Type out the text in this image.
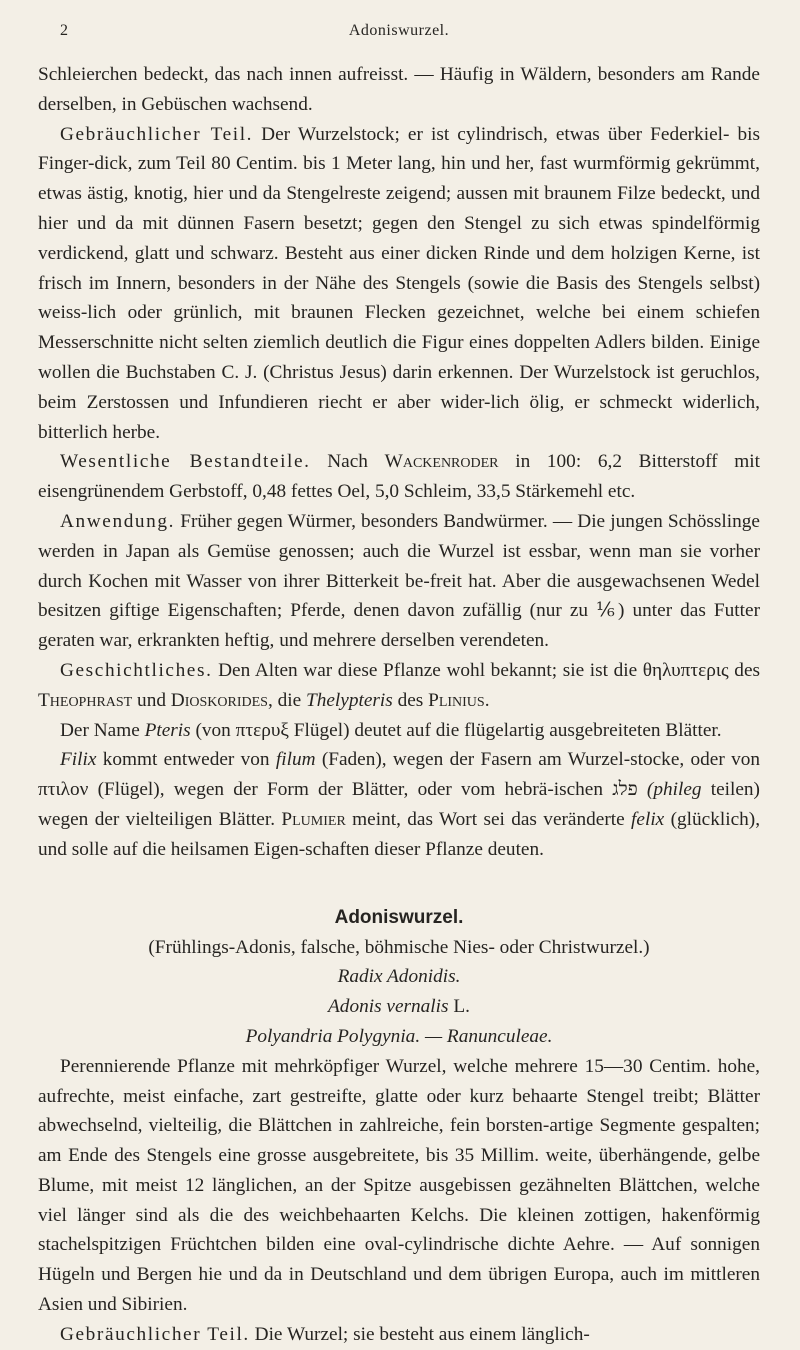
2	Adoniswurzel.

Schleierchen bedeckt, das nach innen aufreisst. — Häufig in Wäldern, besonders am Rande derselben, in Gebüschen wachsend.

Gebräuchlicher Teil. Der Wurzelstock; er ist cylindrisch, etwas über Federkiel- bis Finger-dick, zum Teil 80 Centim. bis 1 Meter lang, hin und her, fast wurmförmig gekrümmt, etwas ästig, knotig, hier und da Stengelreste zeigend; aussen mit braunem Filze bedeckt, und hier und da mit dünnen Fasern besetzt; gegen den Stengel zu sich etwas spindelförmig verdickend, glatt und schwarz. Besteht aus einer dicken Rinde und dem holzigen Kerne, ist frisch im Innern, besonders in der Nähe des Stengels (sowie die Basis des Stengels selbst) weiss-lich oder grünlich, mit braunen Flecken gezeichnet, welche bei einem schiefen Messerschnitte nicht selten ziemlich deutlich die Figur eines doppelten Adlers bilden. Einige wollen die Buchstaben C. J. (Christus Jesus) darin erkennen. Der Wurzelstock ist geruchlos, beim Zerstossen und Infundieren riecht er aber wider-lich ölig, er schmeckt widerlich, bitterlich herbe.

Wesentliche Bestandteile. Nach Wackenroder in 100: 6,2 Bitterstoff mit eisengrünendem Gerbstoff, 0,48 fettes Oel, 5,0 Schleim, 33,5 Stärkemehl etc.

Anwendung. Früher gegen Würmer, besonders Bandwürmer. — Die jungen Schösslinge werden in Japan als Gemüse genossen; auch die Wurzel ist essbar, wenn man sie vorher durch Kochen mit Wasser von ihrer Bitterkeit be-freit hat. Aber die ausgewachsenen Wedel besitzen giftige Eigenschaften; Pferde, denen davon zufällig (nur zu ⅙) unter das Futter geraten war, erkrankten heftig, und mehrere derselben verendeten.

Geschichtliches. Den Alten war diese Pflanze wohl bekannt; sie ist die θηλυπτερις des Theophrast und Dioskorides, die Thelypteris des Plinius.

Der Name Pteris (von πτερυξ Flügel) deutet auf die flügelartig ausgebreiteten Blätter.

Filix kommt entweder von filum (Faden), wegen der Fasern am Wurzel-stocke, oder von πτιλον (Flügel), wegen der Form der Blätter, oder vom hebrä-ischen פלג (phileg teilen) wegen der vielteiligen Blätter. Plumier meint, das Wort sei das veränderte felix (glücklich), und solle auf die heilsamen Eigen-schaften dieser Pflanze deuten.

Adoniswurzel.

(Frühlings-Adonis, falsche, böhmische Nies- oder Christwurzel.)

Radix Adonidis.

Adonis vernalis L.

Polyandria Polygynia. — Ranunculeae.

Perennierende Pflanze mit mehrköpfiger Wurzel, welche mehrere 15—30 Centim. hohe, aufrechte, meist einfache, zart gestreifte, glatte oder kurz behaarte Stengel treibt; Blätter abwechselnd, vielteilig, die Blättchen in zahlreiche, fein borsten-artige Segmente gespalten; am Ende des Stengels eine grosse ausgebreitete, bis 35 Millim. weite, überhängende, gelbe Blume, mit meist 12 länglichen, an der Spitze ausgebissen gezähnelten Blättchen, welche viel länger sind als die des weichbehaarten Kelchs. Die kleinen zottigen, hakenförmig stachelspitzigen Früchtchen bilden eine oval-cylindrische dichte Aehre. — Auf sonnigen Hügeln und Bergen hie und da in Deutschland und dem übrigen Europa, auch im mittleren Asien und Sibirien.

Gebräuchlicher Teil. Die Wurzel; sie besteht aus einem länglich-
